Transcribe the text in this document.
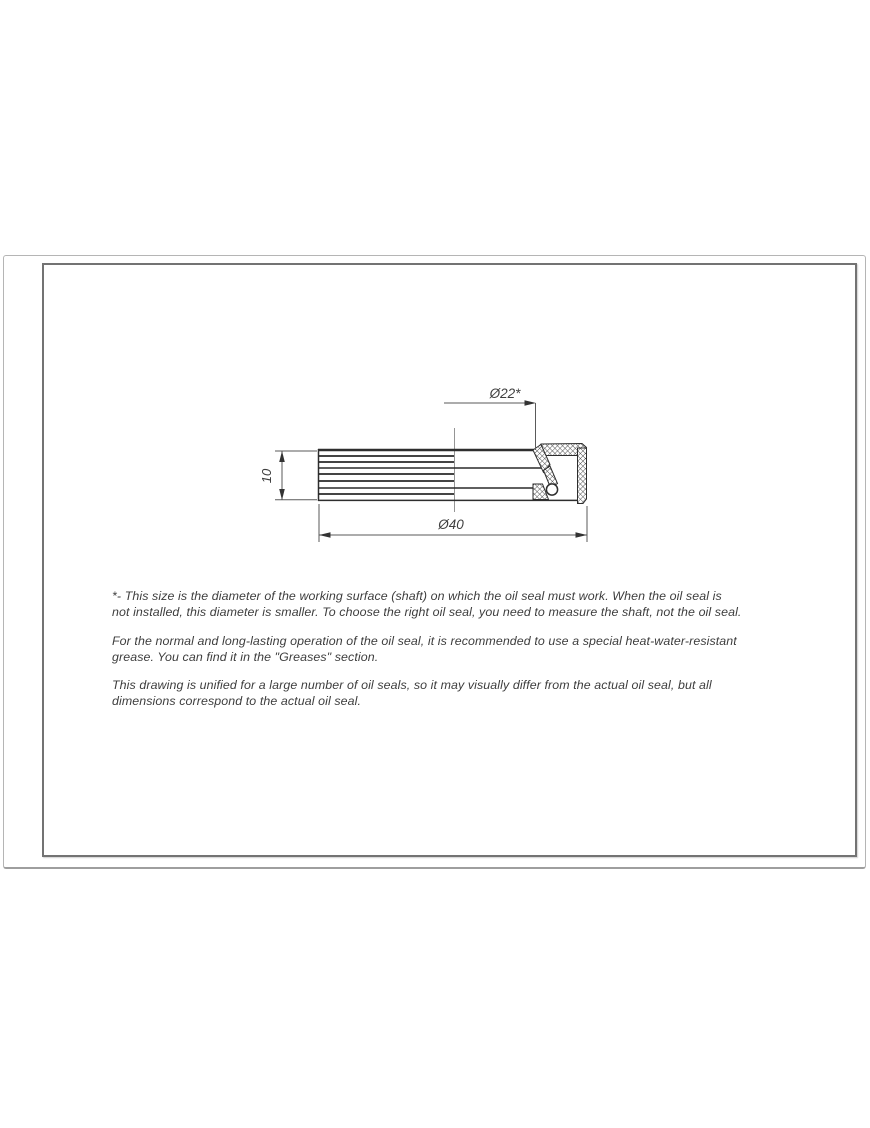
Ø22*
10
Ø40
*- This size is the diameter of the working surface (shaft) on which the oil seal must work. When the oil seal is
not installed, this diameter is smaller. To choose the right oil seal, you need to measure the shaft, not the oil seal.
For the normal and long-lasting operation of the oil seal, it is recommended to use a special heat-water-resistant
grease. You can find it in the "Greases" section.
This drawing is unified for a large number of oil seals, so it may visually differ from the actual oil seal, but all
dimensions correspond to the actual oil seal.
